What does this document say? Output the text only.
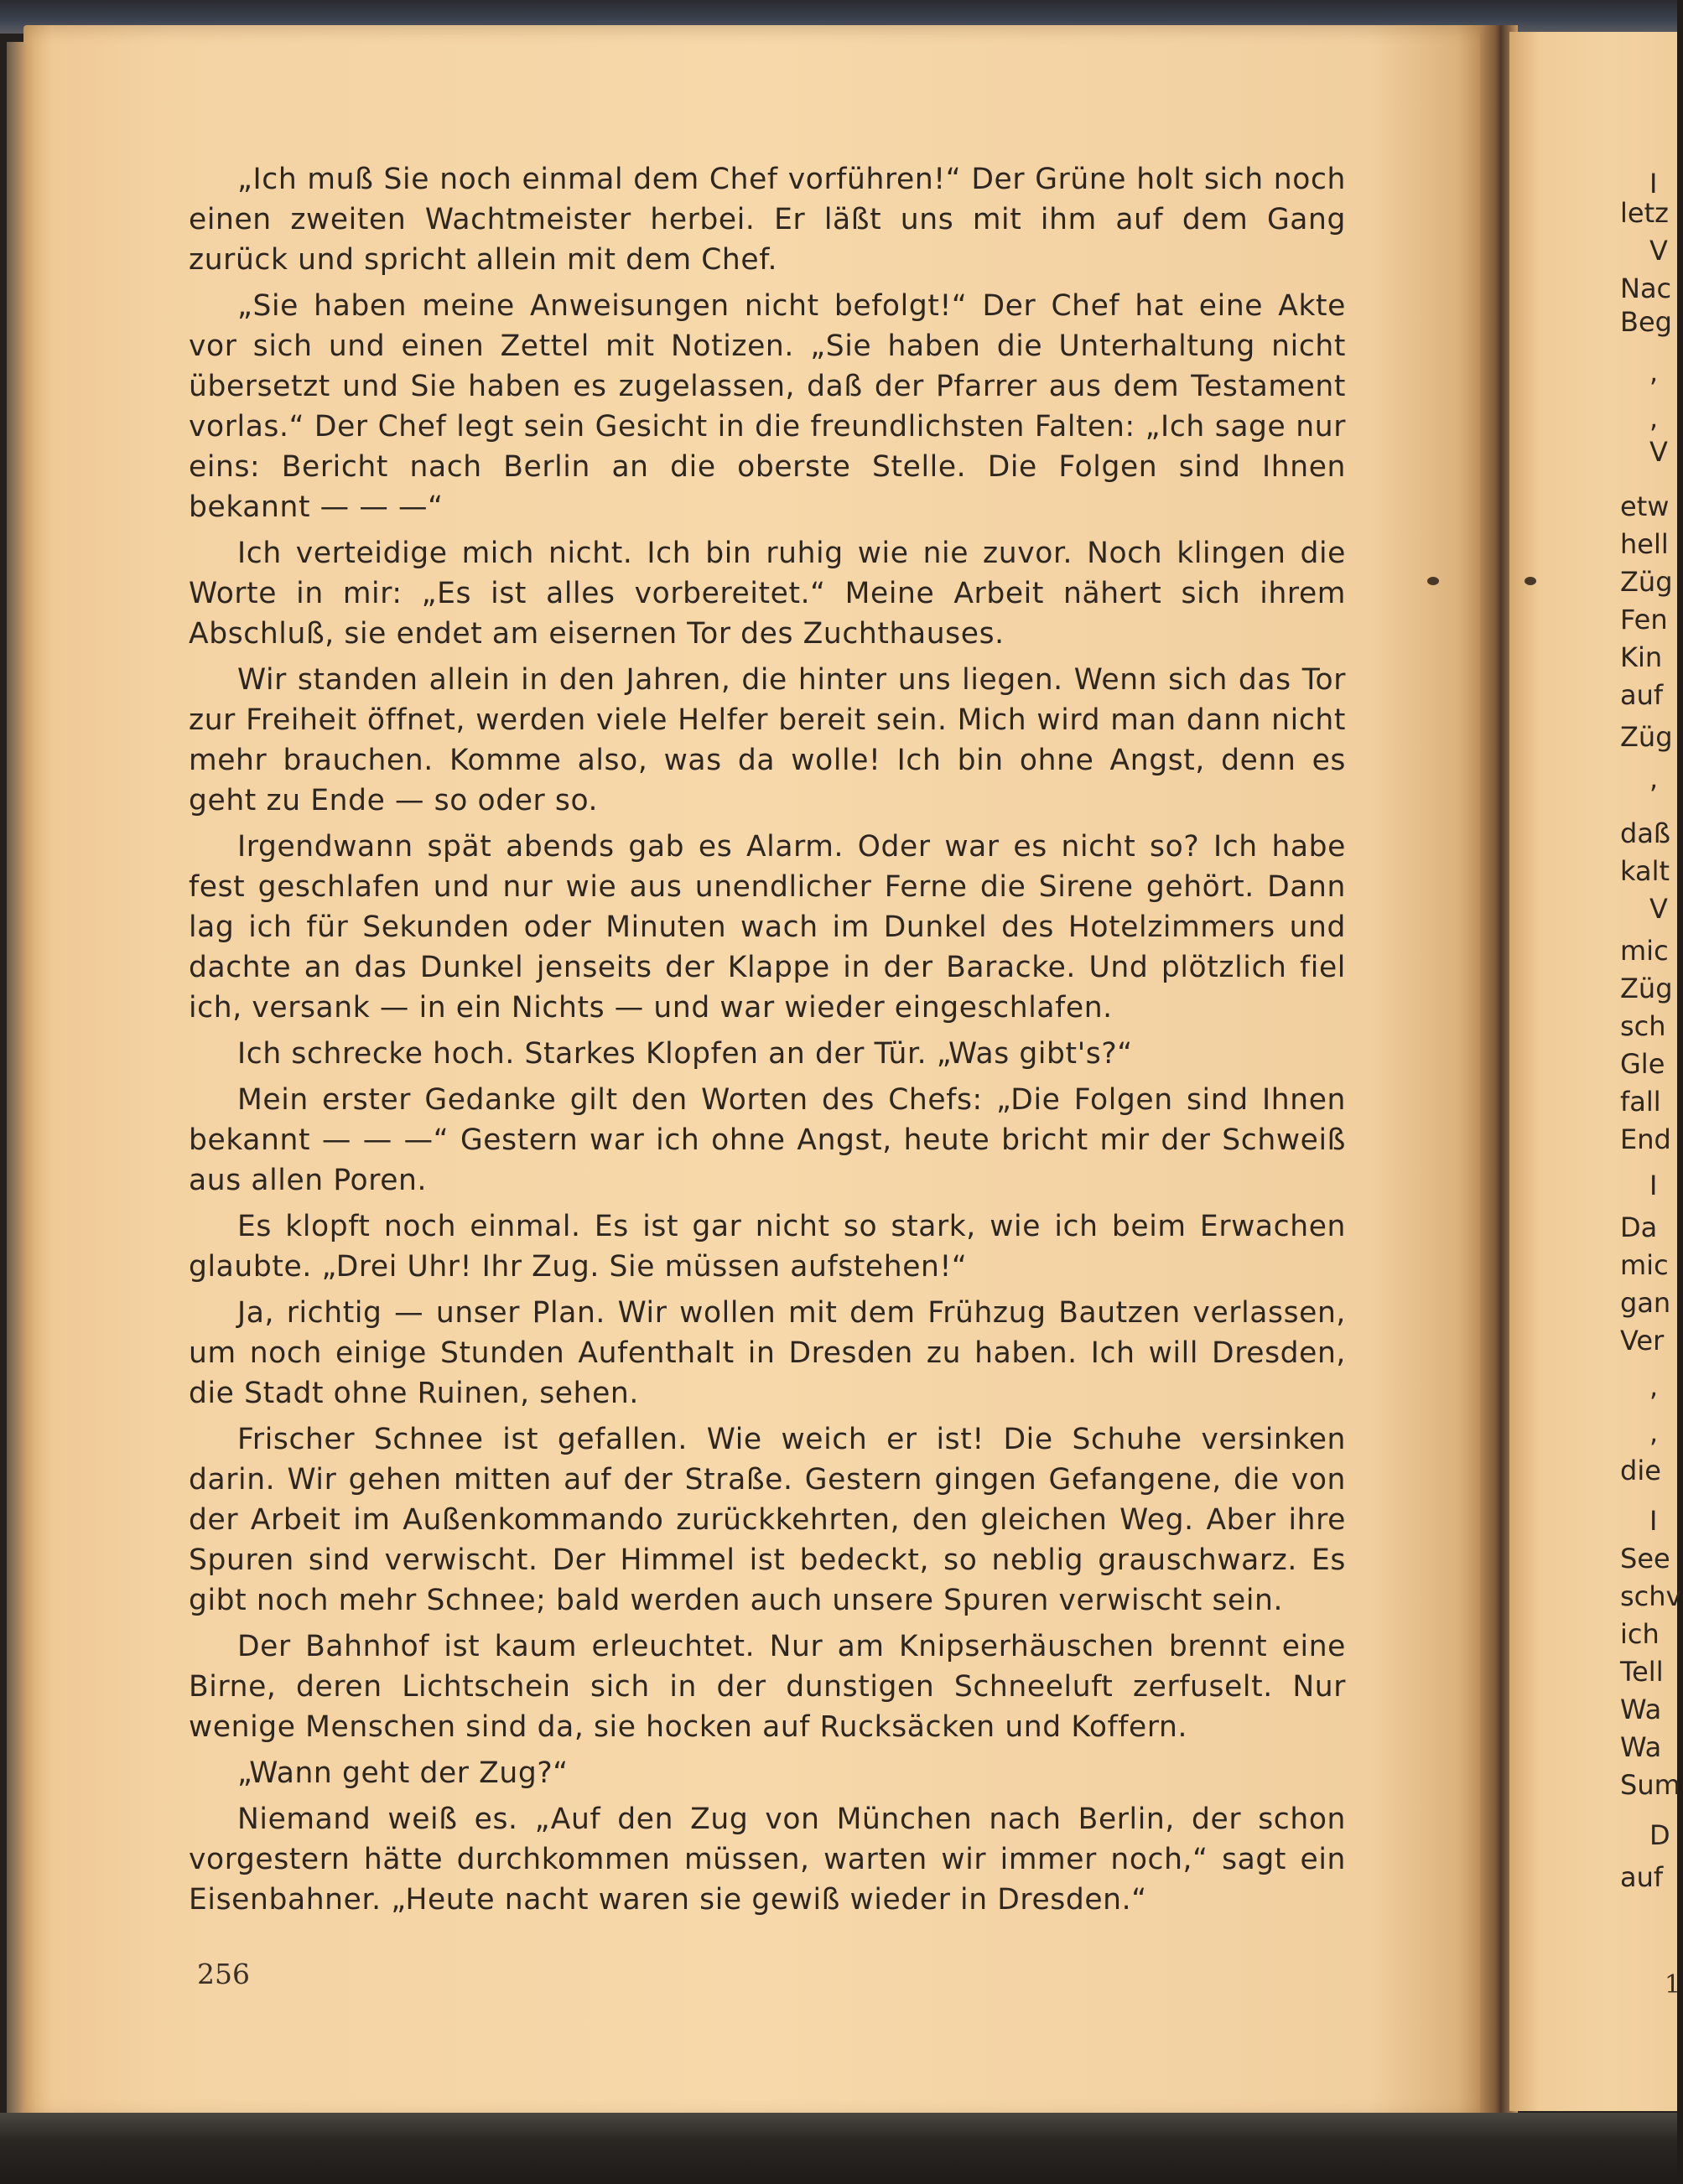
„Ich muß Sie noch einmal dem Chef vorführen!“ Der Grüne holt sich noch einen zweiten Wachtmeister herbei. Er läßt uns mit ihm auf dem Gang zurück und spricht allein mit dem Chef.

„Sie haben meine Anweisungen nicht befolgt!“ Der Chef hat eine Akte vor sich und einen Zettel mit Notizen. „Sie haben die Unterhaltung nicht übersetzt und Sie haben es zugelassen, daß der Pfarrer aus dem Testament vorlas.“ Der Chef legt sein Gesicht in die freundlichsten Falten: „Ich sage nur eins: Bericht nach Berlin an die oberste Stelle. Die Folgen sind Ihnen bekannt — — —“

Ich verteidige mich nicht. Ich bin ruhig wie nie zuvor. Noch klingen die Worte in mir: „Es ist alles vorbereitet.“ Meine Arbeit nähert sich ihrem Abschluß, sie endet am eisernen Tor des Zuchthauses.

Wir standen allein in den Jahren, die hinter uns liegen. Wenn sich das Tor zur Freiheit öffnet, werden viele Helfer bereit sein. Mich wird man dann nicht mehr brauchen. Komme also, was da wolle! Ich bin ohne Angst, denn es geht zu Ende — so oder so.

Irgendwann spät abends gab es Alarm. Oder war es nicht so? Ich habe fest geschlafen und nur wie aus unendlicher Ferne die Sirene gehört. Dann lag ich für Sekunden oder Minuten wach im Dunkel des Hotelzimmers und dachte an das Dunkel jenseits der Klappe in der Baracke. Und plötzlich fiel ich, versank — in ein Nichts — und war wieder eingeschlafen.

Ich schrecke hoch. Starkes Klopfen an der Tür. „Was gibt's?“

Mein erster Gedanke gilt den Worten des Chefs: „Die Folgen sind Ihnen bekannt — — —“ Gestern war ich ohne Angst, heute bricht mir der Schweiß aus allen Poren.

Es klopft noch einmal. Es ist gar nicht so stark, wie ich beim Erwachen glaubte. „Drei Uhr! Ihr Zug. Sie müssen aufstehen!“

Ja, richtig — unser Plan. Wir wollen mit dem Frühzug Bautzen verlassen, um noch einige Stunden Aufenthalt in Dresden zu haben. Ich will Dresden, die Stadt ohne Ruinen, sehen.

Frischer Schnee ist gefallen. Wie weich er ist! Die Schuhe versinken darin. Wir gehen mitten auf der Straße. Gestern gingen Gefangene, die von der Arbeit im Außenkommando zurückkehrten, den gleichen Weg. Aber ihre Spuren sind verwischt. Der Himmel ist bedeckt, so neblig grauschwarz. Es gibt noch mehr Schnee; bald werden auch unsere Spuren verwischt sein.

Der Bahnhof ist kaum erleuchtet. Nur am Knipserhäuschen brennt eine Birne, deren Lichtschein sich in der dunstigen Schneeluft zerfuselt. Nur wenige Menschen sind da, sie hocken auf Rucksäcken und Koffern.

„Wann geht der Zug?“

Niemand weiß es. „Auf den Zug von München nach Berlin, der schon vorgestern hätte durchkommen müssen, warten wir immer noch,“ sagt ein Eisenbahner. „Heute nacht waren sie gewiß wieder in Dresden.“

256
I
letz
V
Nac
Beg
,
,
V
etw
hell
Züg
Fen
Kin
auf
Züg
,
daß
kalt
V
mic
Züg
sch
Gle
fall
End
I
Da
mic
gan
Ver
,
,
die
I
See
schv
ich
Tell
Wa
Wa
Sum
D
auf
1
